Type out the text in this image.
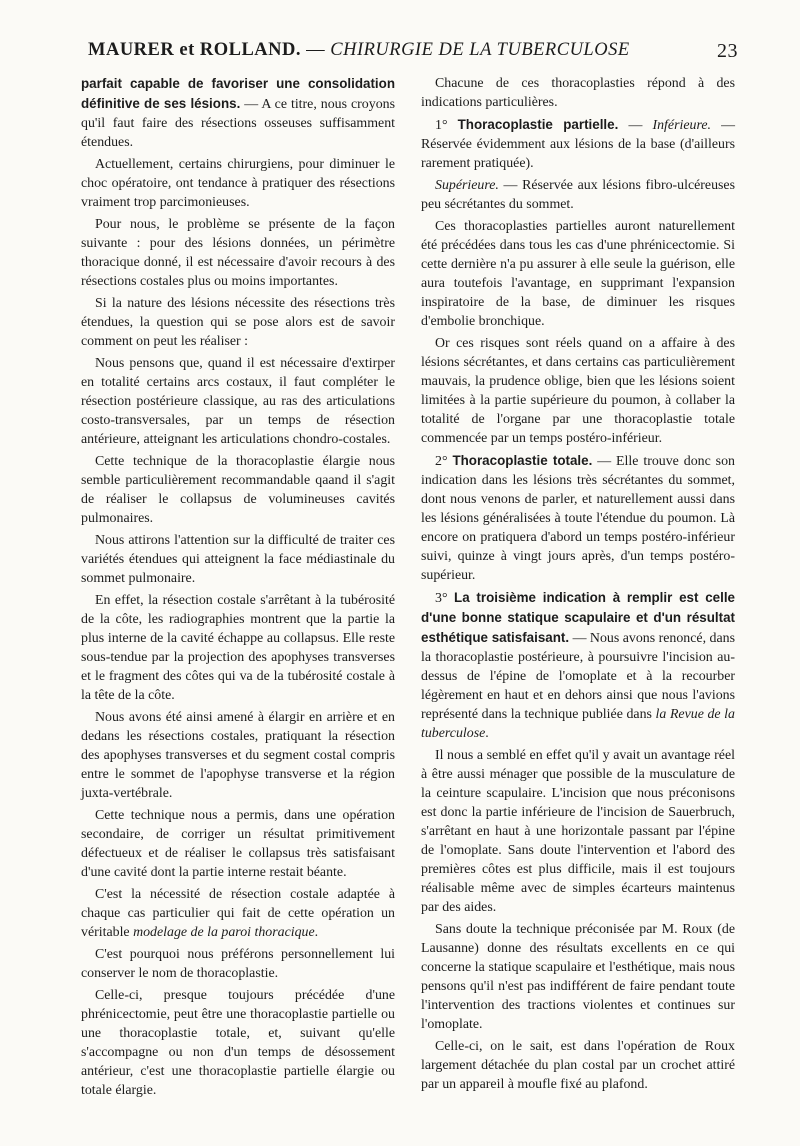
MAURER et ROLLAND. — CHIRURGIE DE LA TUBERCULOSE	23

parfait capable de favoriser une consolidation définitive de ses lésions. — A ce titre, nous croyons qu'il faut faire des résections osseuses suffisamment étendues.

Actuellement, certains chirurgiens, pour diminuer le choc opératoire, ont tendance à pratiquer des résections vraiment trop parcimonieuses.

Pour nous, le problème se présente de la façon suivante : pour des lésions données, un périmètre thoracique donné, il est nécessaire d'avoir recours à des résections costales plus ou moins importantes.

Si la nature des lésions nécessite des résections très étendues, la question qui se pose alors est de savoir comment on peut les réaliser :

Nous pensons que, quand il est nécessaire d'extirper en totalité certains arcs costaux, il faut compléter le résection postérieure classique, au ras des articulations costo-transversales, par un temps de résection antérieure, atteignant les articulations chondro-costales.

Cette technique de la thoracoplastie élargie nous semble particulièrement recommandable qaand il s'agit de réaliser le collapsus de volumineuses cavités pulmonaires.

Nous attirons l'attention sur la difficulté de traiter ces variétés étendues qui atteignent la face médiastinale du sommet pulmonaire.

En effet, la résection costale s'arrêtant à la tubérosité de la côte, les radiographies montrent que la partie la plus interne de la cavité échappe au collapsus. Elle reste sous-tendue par la projection des apophyses transverses et le fragment des côtes qui va de la tubérosité costale à la tête de la côte.

Nous avons été ainsi amené à élargir en arrière et en dedans les résections costales, pratiquant la résection des apophyses transverses et du segment costal compris entre le sommet de l'apophyse transverse et la région juxta-vertébrale.

Cette technique nous a permis, dans une opération secondaire, de corriger un résultat primitivement défectueux et de réaliser le collapsus très satisfaisant d'une cavité dont la partie interne restait béante.

C'est la nécessité de résection costale adaptée à chaque cas particulier qui fait de cette opération un véritable modelage de la paroi thoracique.

C'est pourquoi nous préférons personnellement lui conserver le nom de thoracoplastie.

Celle-ci, presque toujours précédée d'une phrénicectomie, peut être une thoracoplastie partielle ou une thoracoplastie totale, et, suivant qu'elle s'accompagne ou non d'un temps de désossement antérieur, c'est une thoracoplastie partielle élargie ou totale élargie.

Chacune de ces thoracoplasties répond à des indications particulières.

1° Thoracoplastie partielle. — Inférieure. — Réservée évidemment aux lésions de la base (d'ailleurs rarement pratiquée).

Supérieure. — Réservée aux lésions fibro-ulcéreuses peu sécrétantes du sommet.

Ces thoracoplasties partielles auront naturellement été précédées dans tous les cas d'une phrénicectomie. Si cette dernière n'a pu assurer à elle seule la guérison, elle aura toutefois l'avantage, en supprimant l'expansion inspiratoire de la base, de diminuer les risques d'embolie bronchique.

Or ces risques sont réels quand on a affaire à des lésions sécrétantes, et dans certains cas particulièrement mauvais, la prudence oblige, bien que les lésions soient limitées à la partie supérieure du poumon, à collaber la totalité de l'organe par une thoracoplastie totale commencée par un temps postéro-inférieur.

2° Thoracoplastie totale. — Elle trouve donc son indication dans les lésions très sécrétantes du sommet, dont nous venons de parler, et naturellement aussi dans les lésions généralisées à toute l'étendue du poumon. Là encore on pratiquera d'abord un temps postéro-inférieur suivi, quinze à vingt jours après, d'un temps postéro-supérieur.

3° La troisième indication à remplir est celle d'une bonne statique scapulaire et d'un résultat esthétique satisfaisant. — Nous avons renoncé, dans la thoracoplastie postérieure, à poursuivre l'incision au-dessus de l'épine de l'omoplate et à la recourber légèrement en haut et en dehors ainsi que nous l'avions représenté dans la technique publiée dans la Revue de la tuberculose.

Il nous a semblé en effet qu'il y avait un avantage réel à être aussi ménager que possible de la musculature de la ceinture scapulaire. L'incision que nous préconisons est donc la partie inférieure de l'incision de Sauerbruch, s'arrêtant en haut à une horizontale passant par l'épine de l'omoplate. Sans doute l'intervention et l'abord des premières côtes est plus difficile, mais il est toujours réalisable même avec de simples écarteurs maintenus par des aides.

Sans doute la technique préconisée par M. Roux (de Lausanne) donne des résultats excellents en ce qui concerne la statique scapulaire et l'esthétique, mais nous pensons qu'il n'est pas indifférent de faire pendant toute l'intervention des tractions violentes et continues sur l'omoplate.

Celle-ci, on le sait, est dans l'opération de Roux largement détachée du plan costal par un crochet attiré par un appareil à moufle fixé au plafond.
